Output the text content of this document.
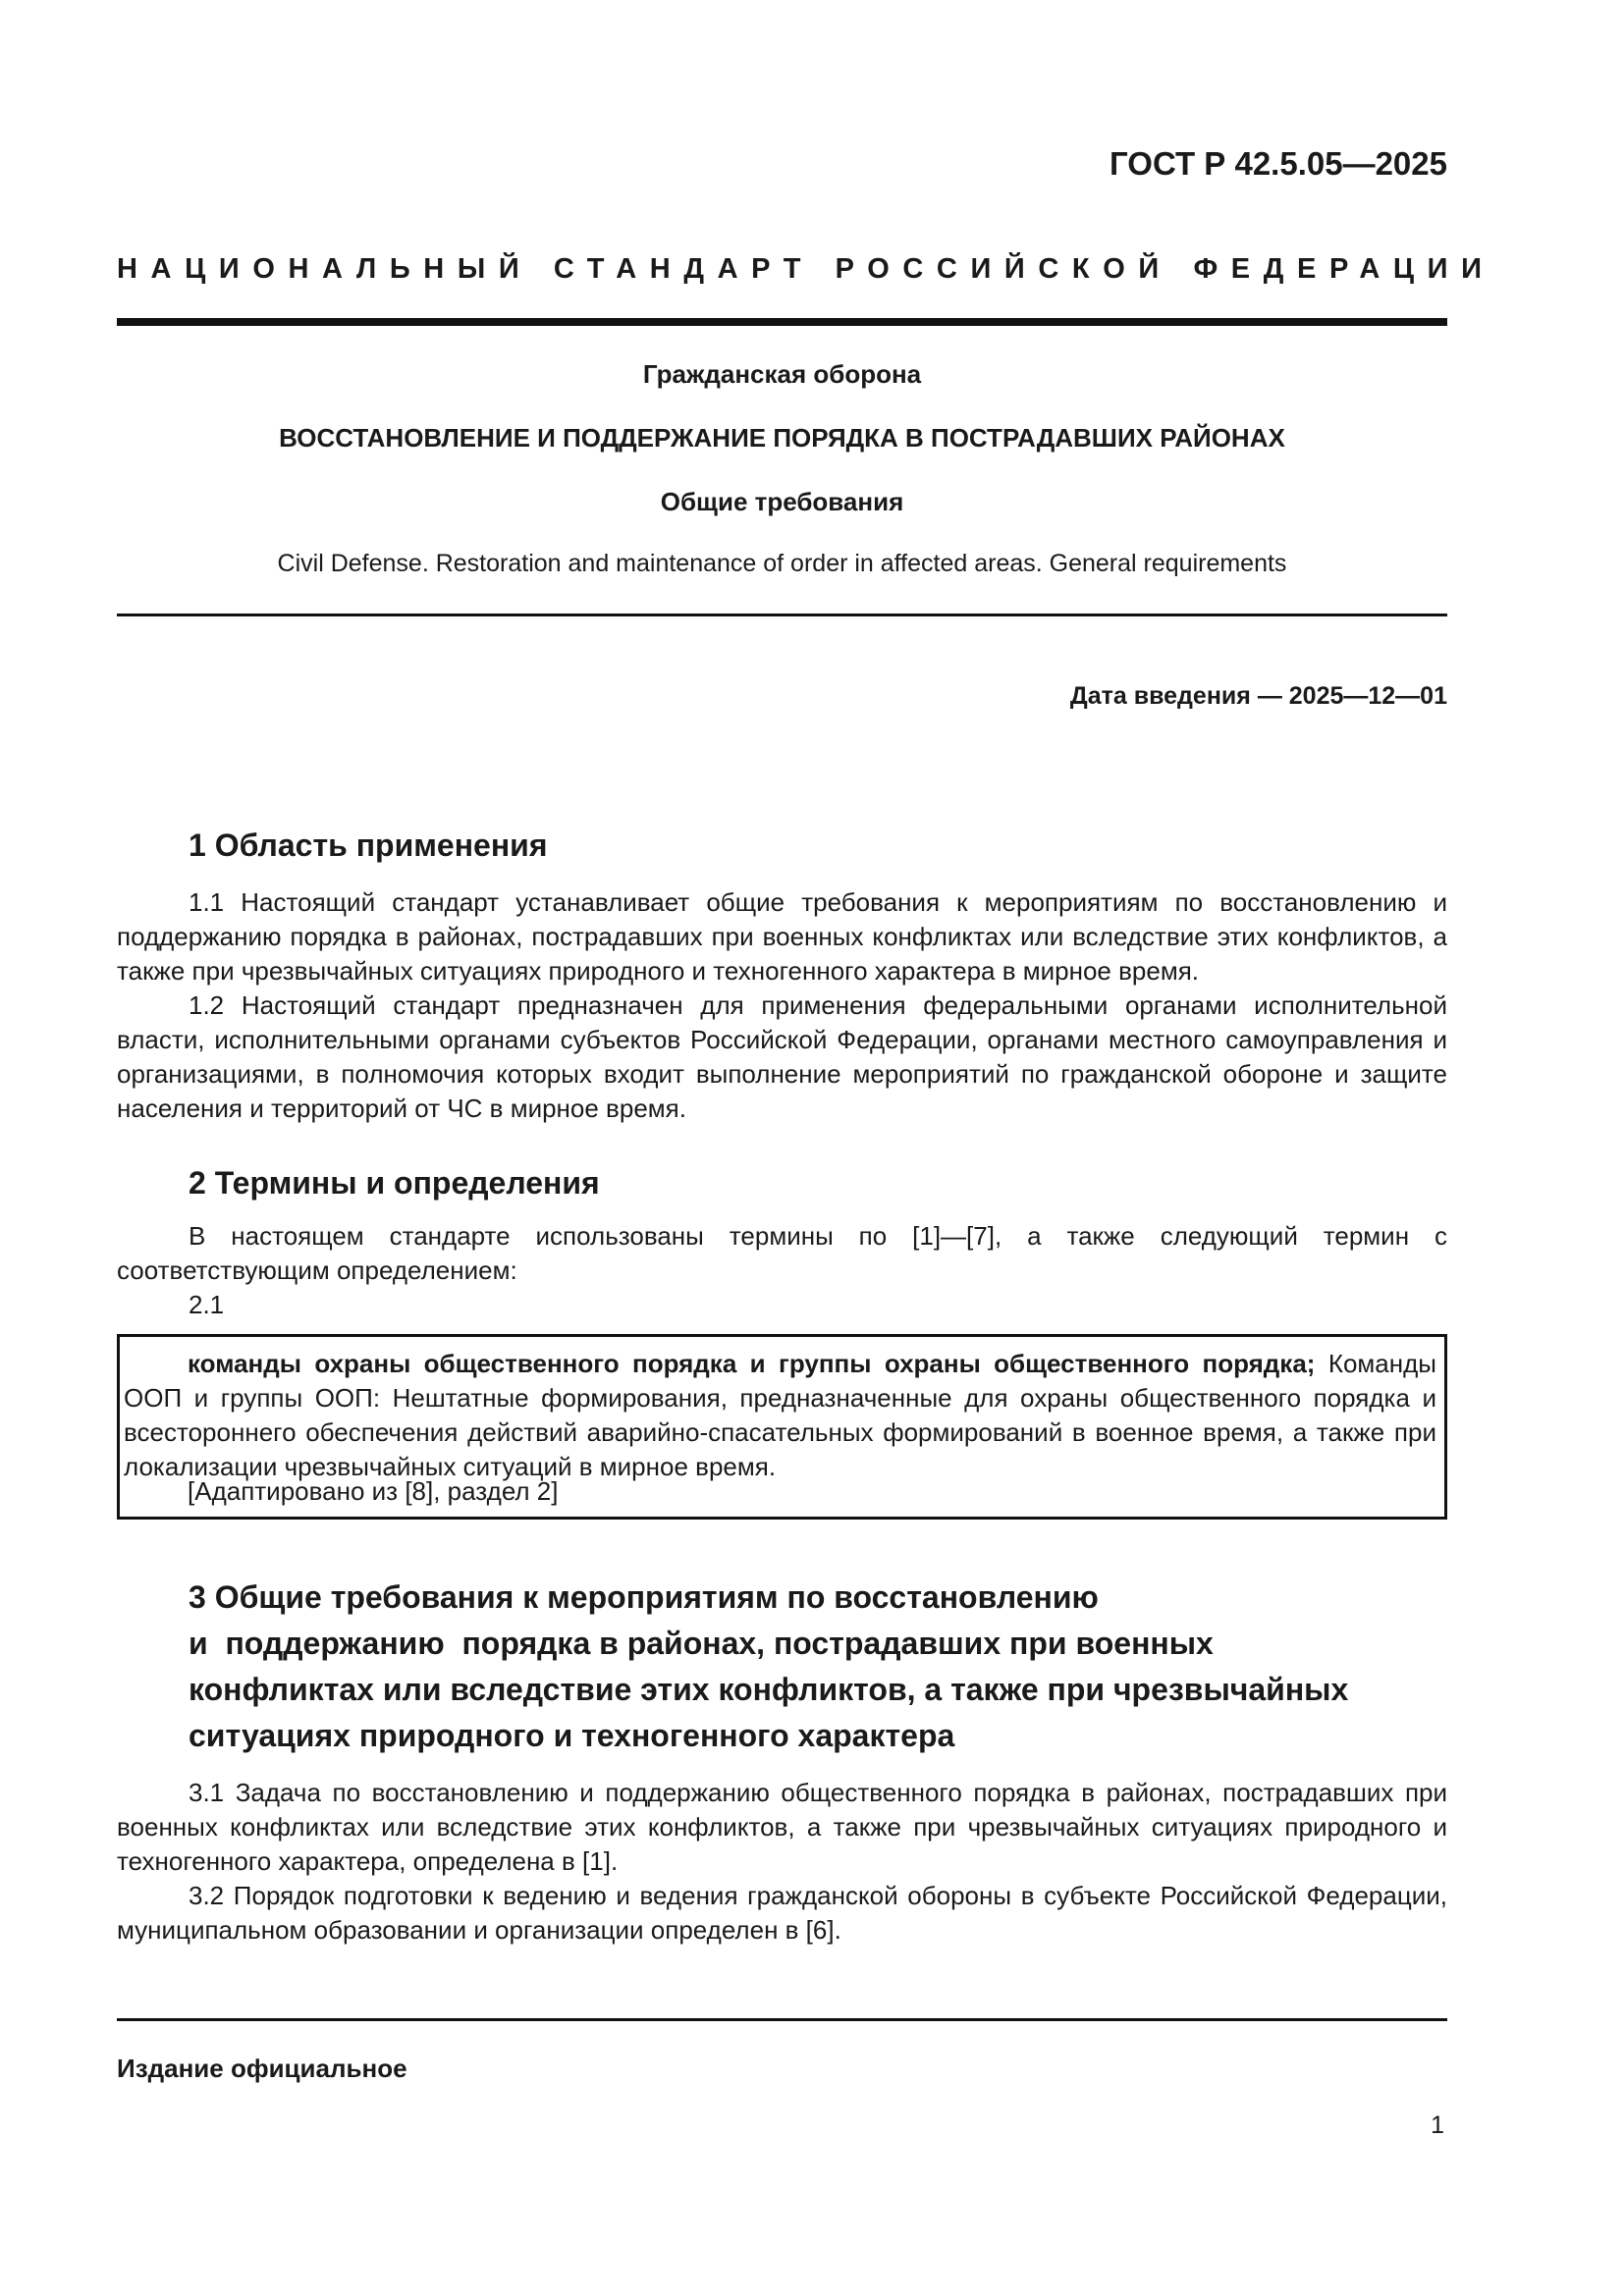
ГОСТ Р 42.5.05—2025
НАЦИОНАЛЬНЫЙ СТАНДАРТ РОССИЙСКОЙ ФЕДЕРАЦИИ
Гражданская оборона
ВОССТАНОВЛЕНИЕ И ПОДДЕРЖАНИЕ ПОРЯДКА В ПОСТРАДАВШИХ РАЙОНАХ
Общие требования
Civil Defense. Restoration and maintenance of order in affected areas. General requirements
Дата введения — 2025—12—01
1 Область применения
1.1 Настоящий стандарт устанавливает общие требования к мероприятиям по восстановлению и поддержанию порядка в районах, пострадавших при военных конфликтах или вследствие этих конфликтов, а также при чрезвычайных ситуациях природного и техногенного характера в мирное время.
1.2 Настоящий стандарт предназначен для применения федеральными органами исполнительной власти, исполнительными органами субъектов Российской Федерации, органами местного самоуправления и организациями, в полномочия которых входит выполнение мероприятий по гражданской обороне и защите населения и территорий от ЧС в мирное время.
2 Термины и определения
В настоящем стандарте использованы термины по [1]—[7], а также следующий термин с соответствующим определением:
2.1
команды охраны общественного порядка и группы охраны общественного порядка; Команды ООП и группы ООП: Нештатные формирования, предназначенные для охраны общественного порядка и всестороннего обеспечения действий аварийно-спасательных формирований в военное время, а также при локализации чрезвычайных ситуаций в мирное время.
[Адаптировано из [8], раздел 2]
3 Общие требования к мероприятиям по восстановлению
и  поддержанию  порядка в районах, пострадавших при военных
конфликтах или вследствие этих конфликтов, а также при чрезвычайных
ситуациях природного и техногенного характера
3.1 Задача по восстановлению и поддержанию общественного порядка в районах, пострадавших при военных конфликтах или вследствие этих конфликтов, а также при чрезвычайных ситуациях природного и техногенного характера, определена в [1].
3.2 Порядок подготовки к ведению и ведения гражданской обороны в субъекте Российской Федерации, муниципальном образовании и организации определен в [6].
Издание официальное
1
